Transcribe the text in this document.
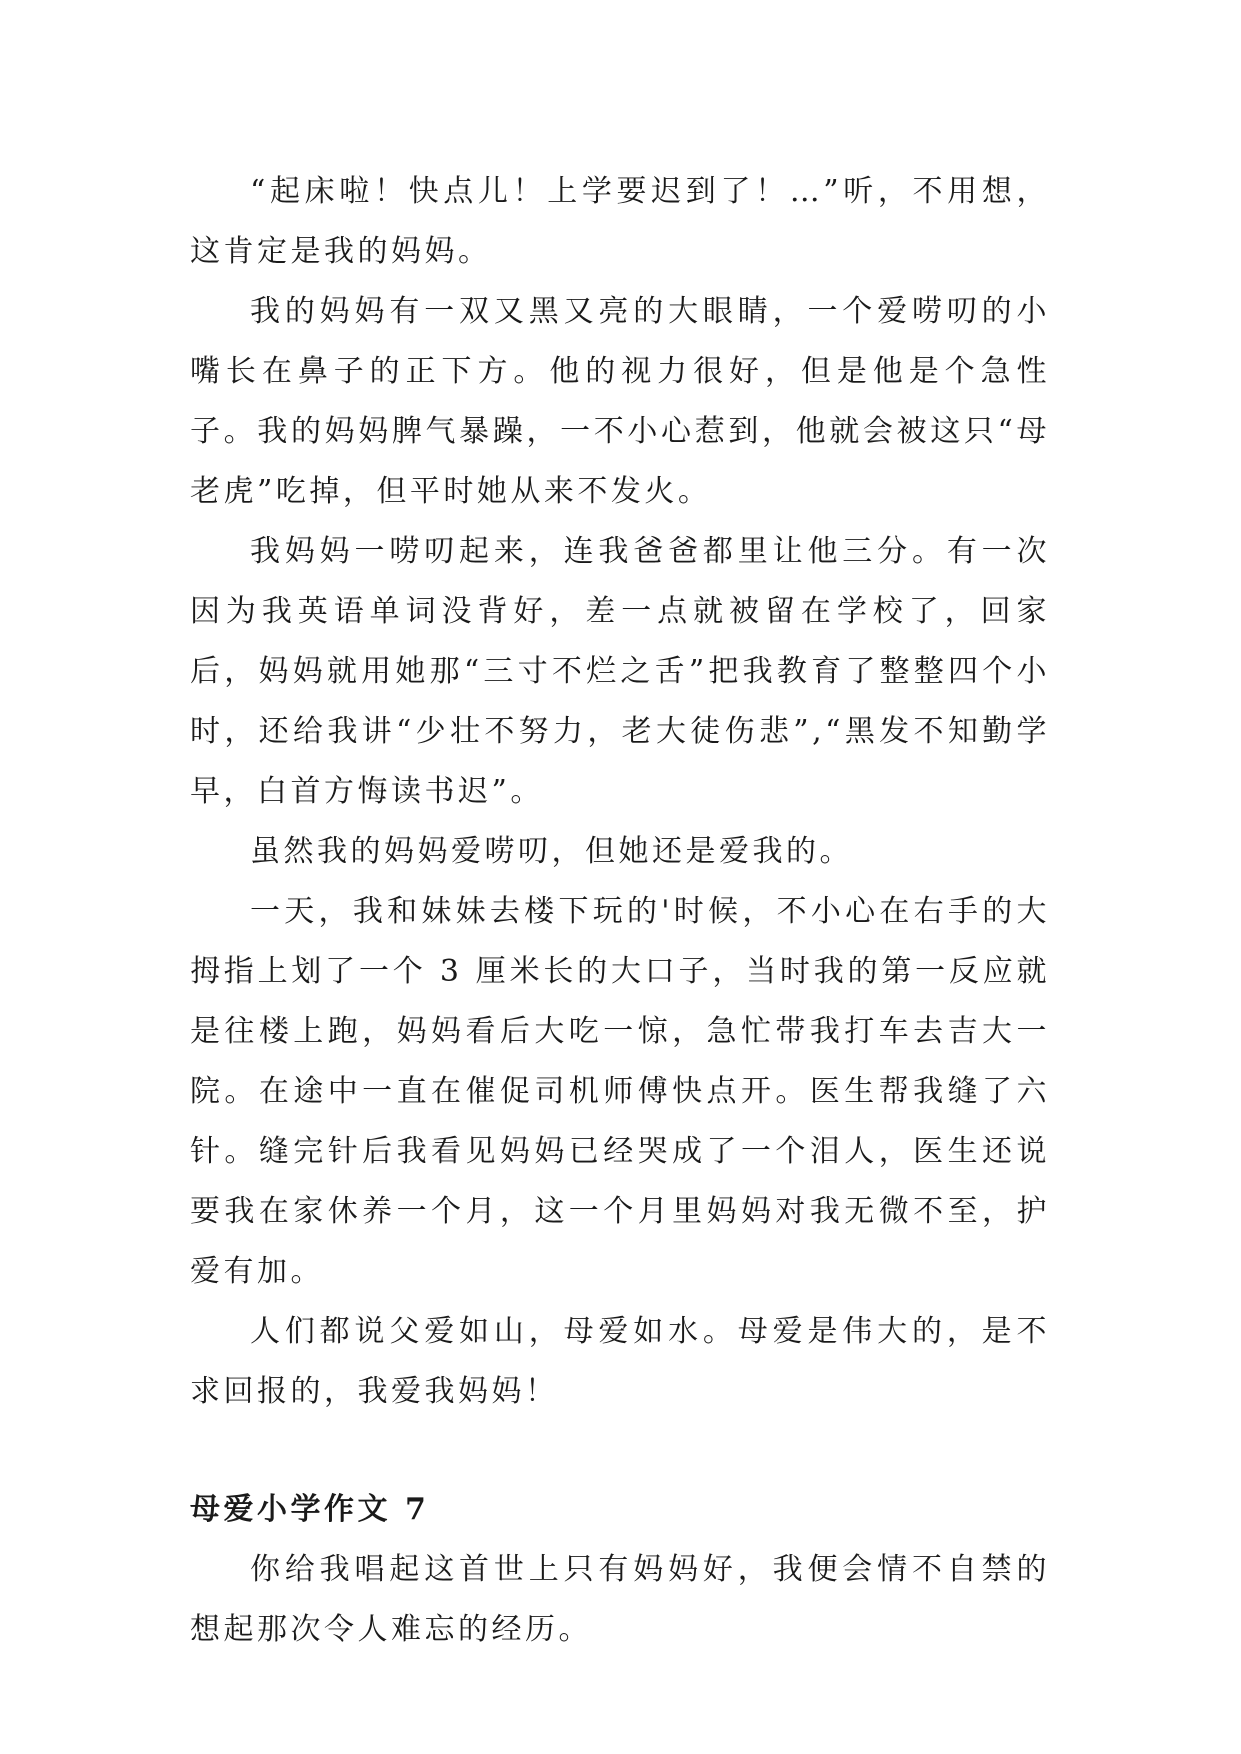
“起床啦！快点儿！上学要迟到了！…”听，不用想，这肯定是我的妈妈。

我的妈妈有一双又黑又亮的大眼睛，一个爱唠叨的小嘴长在鼻子的正下方。他的视力很好，但是他是个急性子。我的妈妈脾气暴躁，一不小心惹到，他就会被这只“母老虎”吃掉，但平时她从来不发火。

我妈妈一唠叨起来，连我爸爸都里让他三分。有一次因为我英语单词没背好，差一点就被留在学校了，回家后，妈妈就用她那“三寸不烂之舌”把我教育了整整四个小时，还给我讲“少壮不努力，老大徒伤悲”,“黑发不知勤学早，白首方悔读书迟”。

虽然我的妈妈爱唠叨，但她还是爱我的。

一天，我和妹妹去楼下玩的'时候，不小心在右手的大拇指上划了一个 3 厘米长的大口子，当时我的第一反应就是往楼上跑，妈妈看后大吃一惊，急忙带我打车去吉大一院。在途中一直在催促司机师傅快点开。医生帮我缝了六针。缝完针后我看见妈妈已经哭成了一个泪人，医生还说要我在家休养一个月，这一个月里妈妈对我无微不至，护爱有加。

人们都说父爱如山，母爱如水。母爱是伟大的，是不求回报的，我爱我妈妈！

母爱小学作文 7

你给我唱起这首世上只有妈妈好，我便会情不自禁的想起那次令人难忘的经历。
